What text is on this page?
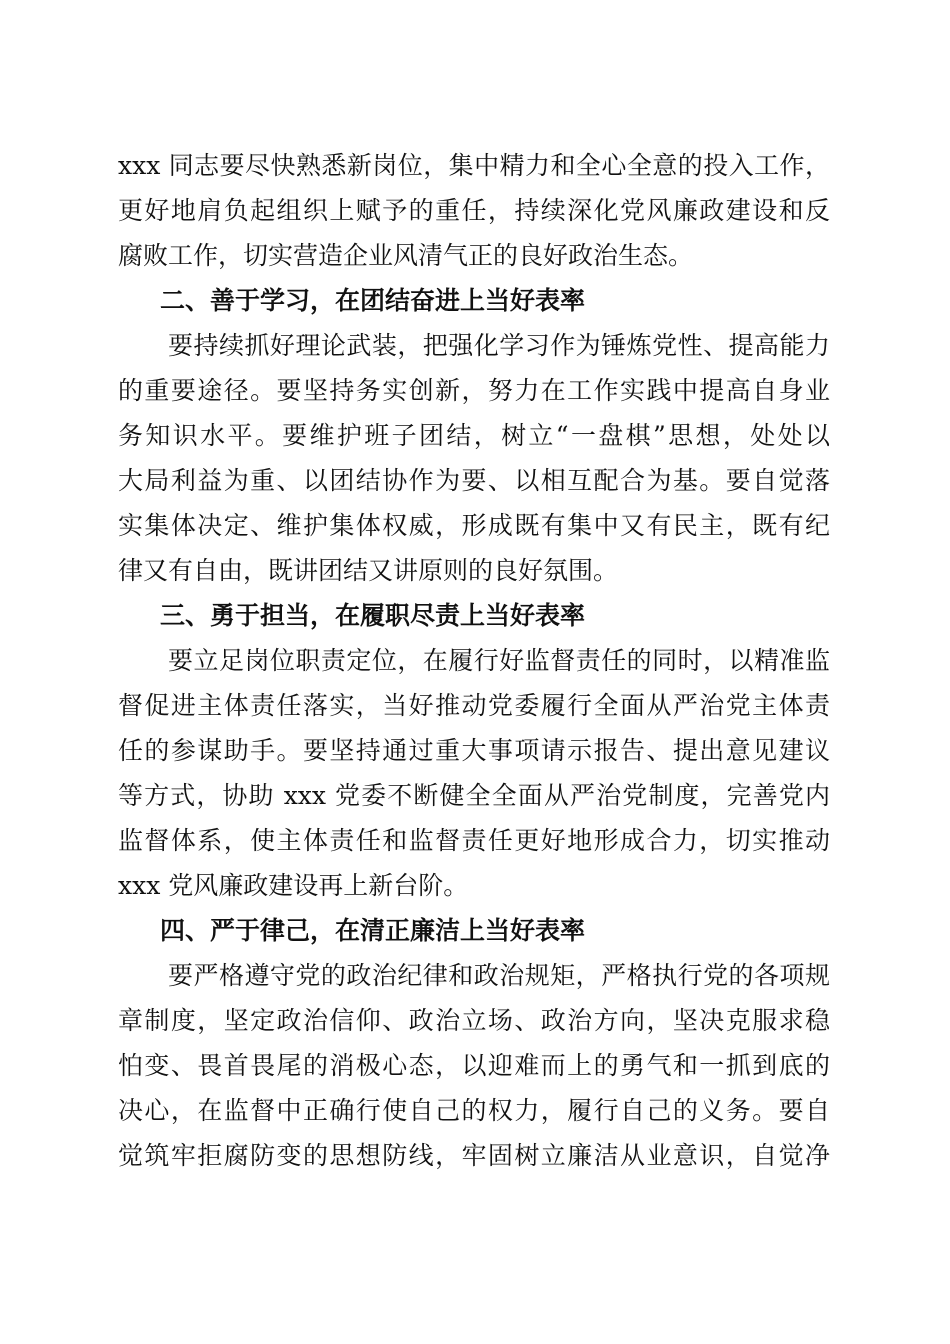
xxx 同志要尽快熟悉新岗位，集中精力和全心全意的投入工作，
更好地肩负起组织上赋予的重任，持续深化党风廉政建设和反
腐败工作，切实营造企业风清气正的良好政治生态。
二、善于学习，在团结奋进上当好表率
要持续抓好理论武装，把强化学习作为锤炼党性、提高能力
的重要途径。要坚持务实创新，努力在工作实践中提高自身业
务知识水平。要维护班子团结，树立“一盘棋”思想，处处以
大局利益为重、以团结协作为要、以相互配合为基。要自觉落
实集体决定、维护集体权威，形成既有集中又有民主，既有纪
律又有自由，既讲团结又讲原则的良好氛围。
三、勇于担当，在履职尽责上当好表率
要立足岗位职责定位，在履行好监督责任的同时，以精准监
督促进主体责任落实，当好推动党委履行全面从严治党主体责
任的参谋助手。要坚持通过重大事项请示报告、提出意见建议
等方式，协助 xxx 党委不断健全全面从严治党制度，完善党内
监督体系，使主体责任和监督责任更好地形成合力，切实推动
xxx 党风廉政建设再上新台阶。
四、严于律己，在清正廉洁上当好表率
要严格遵守党的政治纪律和政治规矩，严格执行党的各项规
章制度，坚定政治信仰、政治立场、政治方向，坚决克服求稳
怕变、畏首畏尾的消极心态，以迎难而上的勇气和一抓到底的
决心，在监督中正确行使自己的权力，履行自己的义务。要自
觉筑牢拒腐防变的思想防线，牢固树立廉洁从业意识，自觉净
